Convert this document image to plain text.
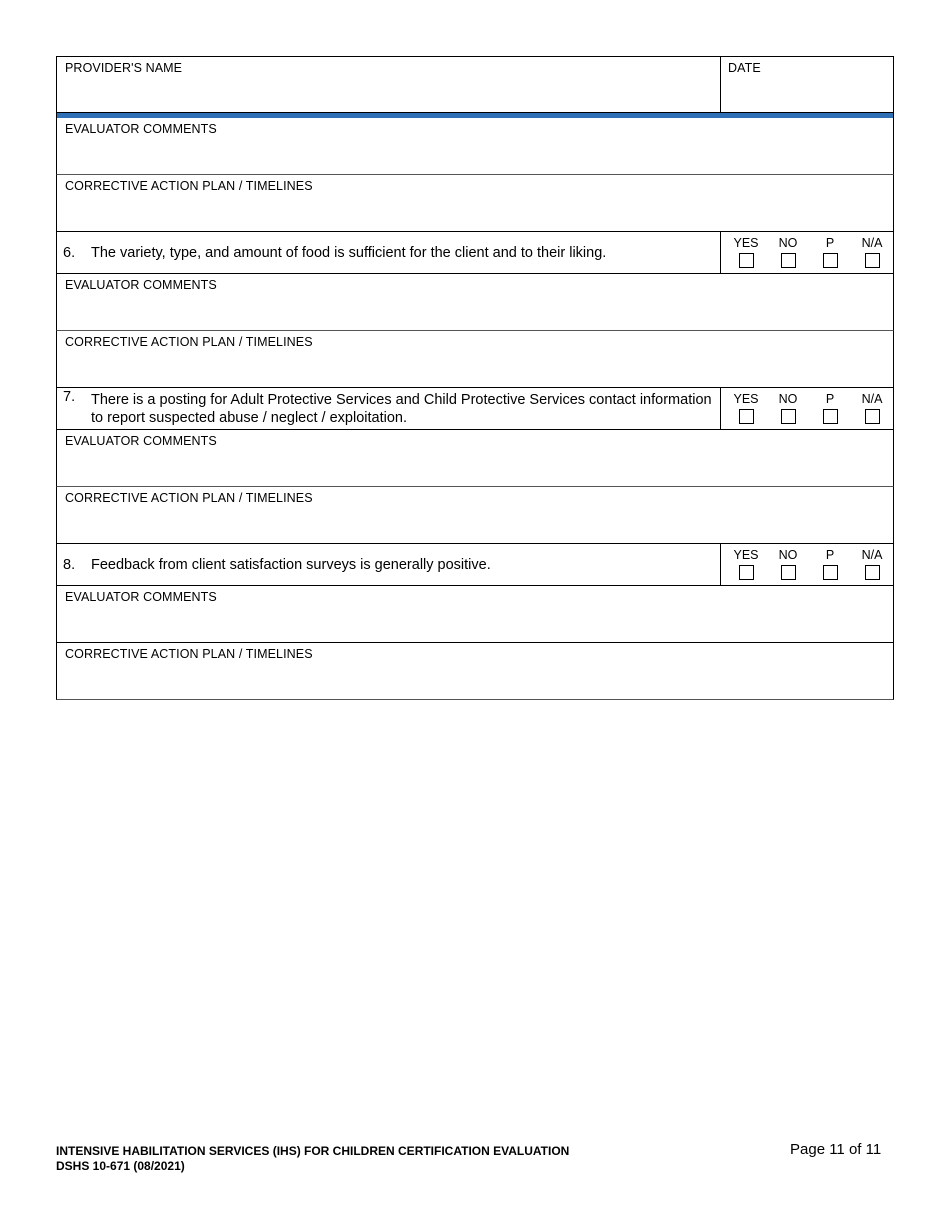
PROVIDER'S NAME	DATE
EVALUATOR COMMENTS
CORRECTIVE ACTION PLAN / TIMELINES
6.	The variety, type, and amount of food is sufficient for the client and to their liking.
YES	NO	P	N/A
EVALUATOR COMMENTS
CORRECTIVE ACTION PLAN / TIMELINES
7.	There is a posting for Adult Protective Services and Child Protective Services contact information to report suspected abuse / neglect / exploitation.
YES	NO	P	N/A
EVALUATOR COMMENTS
CORRECTIVE ACTION PLAN / TIMELINES
8.	Feedback from client satisfaction surveys is generally positive.
YES	NO	P	N/A
EVALUATOR COMMENTS
CORRECTIVE ACTION PLAN / TIMELINES
INTENSIVE HABILITATION SERVICES (IHS) FOR CHILDREN CERTIFICATION EVALUATION
DSHS 10-671 (08/2021)
Page 11 of 11
